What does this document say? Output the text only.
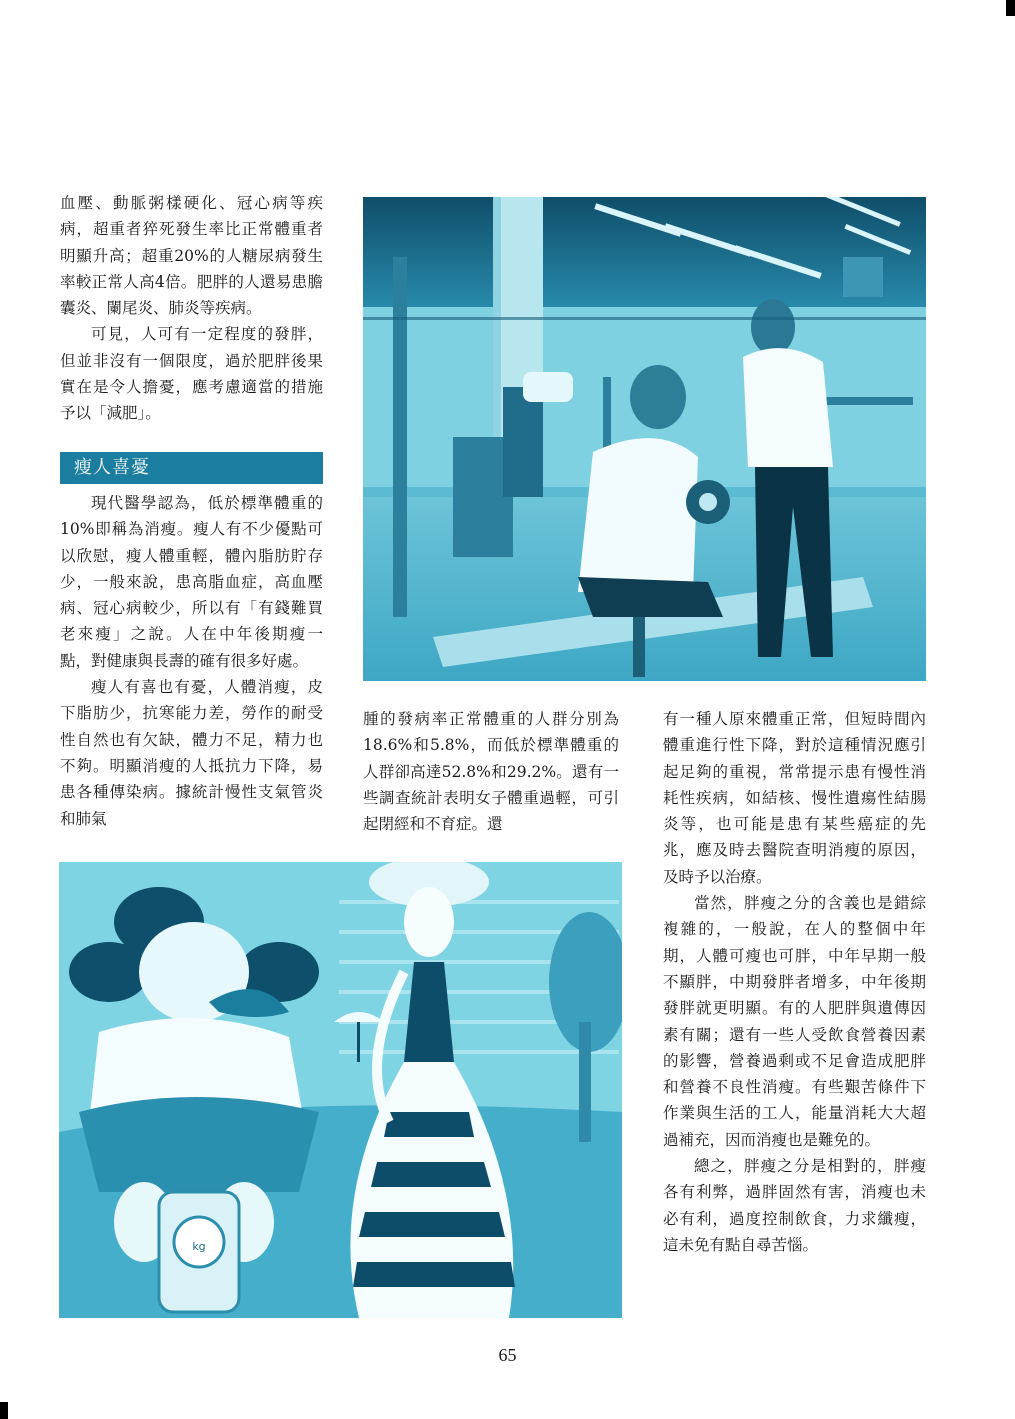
血壓、動脈粥樣硬化、冠心病等疾病，超重者猝死發生率比正常體重者明顯升高；超重20%的人糖尿病發生率較正常人高4倍。肥胖的人還易患膽囊炎、闌尾炎、肺炎等疾病。

可見，人可有一定程度的發胖，但並非沒有一個限度，過於肥胖後果實在是令人擔憂，應考慮適當的措施予以「減肥」。

瘦人喜憂

現代醫學認為，低於標準體重的10%即稱為消瘦。瘦人有不少優點可以欣慰，瘦人體重輕，體內脂肪貯存少，一般來說，患高脂血症，高血壓病、冠心病較少，所以有「有錢難買老來瘦」之說。人在中年後期瘦一點，對健康與長壽的確有很多好處。

瘦人有喜也有憂，人體消瘦，皮下脂肪少，抗寒能力差，勞作的耐受性自然也有欠缺，體力不足，精力也不夠。明顯消瘦的人抵抗力下降，易患各種傳染病。據統計慢性支氣管炎和肺氣

腫的發病率正常體重的人群分別為18.6%和5.8%，而低於標準體重的人群卻高達52.8%和29.2%。還有一些調查統計表明女子體重過輕，可引起閉經和不育症。還

有一種人原來體重正常，但短時間內體重進行性下降，對於這種情況應引起足夠的重視，常常提示患有慢性消耗性疾病，如結核、慢性遺瘍性結腸炎等，也可能是患有某些癌症的先兆，應及時去醫院查明消瘦的原因，及時予以治療。

當然，胖瘦之分的含義也是錯綜複雜的，一般說，在人的整個中年期，人體可瘦也可胖，中年早期一般不顯胖，中期發胖者增多，中年後期發胖就更明顯。有的人肥胖與遺傳因素有關；還有一些人受飲食營養因素的影響，營養過剩或不足會造成肥胖和營養不良性消瘦。有些艱苦條件下作業與生活的工人，能量消耗大大超過補充，因而消瘦也是難免的。

總之，胖瘦之分是相對的，胖瘦各有利弊，過胖固然有害，消瘦也未必有利，過度控制飲食，力求纖瘦，這未免有點自尋苦惱。

kg
65
